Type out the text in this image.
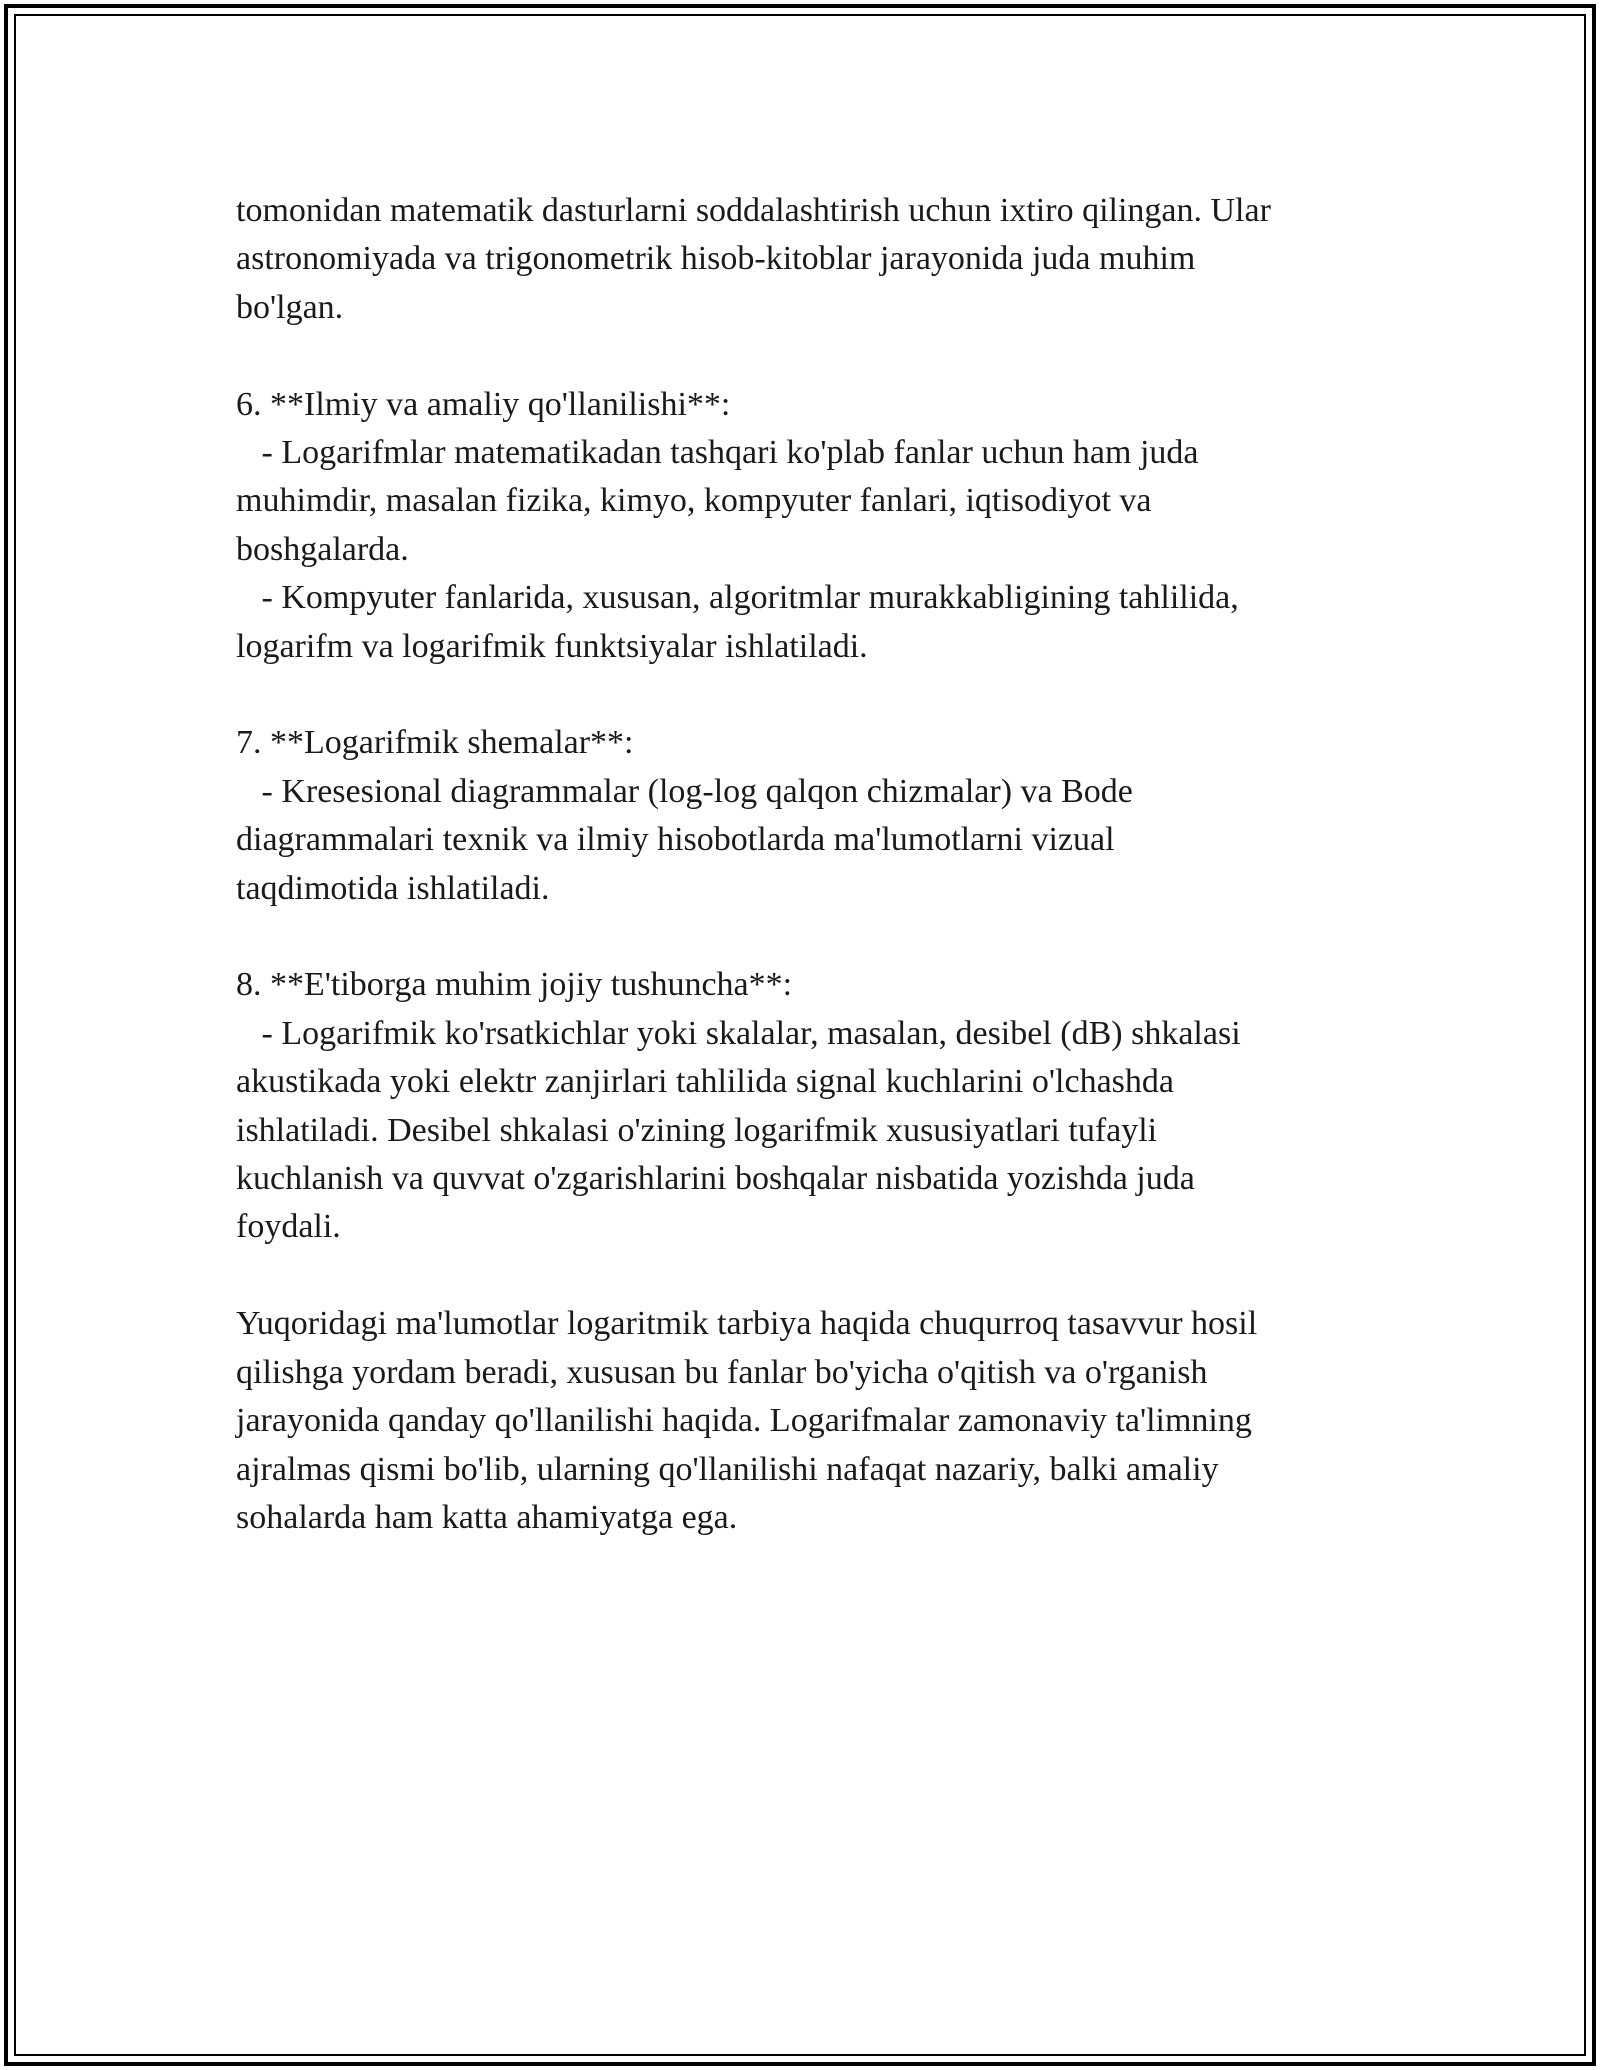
tomonidan matematik dasturlarni soddalashtirish uchun ixtiro qilingan. Ular
astronomiyada va trigonometrik hisob-kitoblar jarayonida juda muhim
bo'lgan.
6. **Ilmiy va amaliy qo'llanilishi**:
- Logarifmlar matematikadan tashqari ko'plab fanlar uchun ham juda
muhimdir, masalan fizika, kimyo, kompyuter fanlari, iqtisodiyot va
boshgalarda.
- Kompyuter fanlarida, xususan, algoritmlar murakkabligining tahlilida,
logarifm va logarifmik funktsiyalar ishlatiladi.
7. **Logarifmik shemalar**:
- Kresesional diagrammalar (log-log qalqon chizmalar) va Bode
diagrammalari texnik va ilmiy hisobotlarda ma'lumotlarni vizual
taqdimotida ishlatiladi.
8. **E'tiborga muhim jojiy tushuncha**:
- Logarifmik ko'rsatkichlar yoki skalalar, masalan, desibel (dB) shkalasi
akustikada yoki elektr zanjirlari tahlilida signal kuchlarini o'lchashda
ishlatiladi. Desibel shkalasi o'zining logarifmik xususiyatlari tufayli
kuchlanish va quvvat o'zgarishlarini boshqalar nisbatida yozishda juda
foydali.
Yuqoridagi ma'lumotlar logaritmik tarbiya haqida chuqurroq tasavvur hosil
qilishga yordam beradi, xususan bu fanlar bo'yicha o'qitish va o'rganish
jarayonida qanday qo'llanilishi haqida. Logarifmalar zamonaviy ta'limning
ajralmas qismi bo'lib, ularning qo'llanilishi nafaqat nazariy, balki amaliy
sohalarda ham katta ahamiyatga ega.
